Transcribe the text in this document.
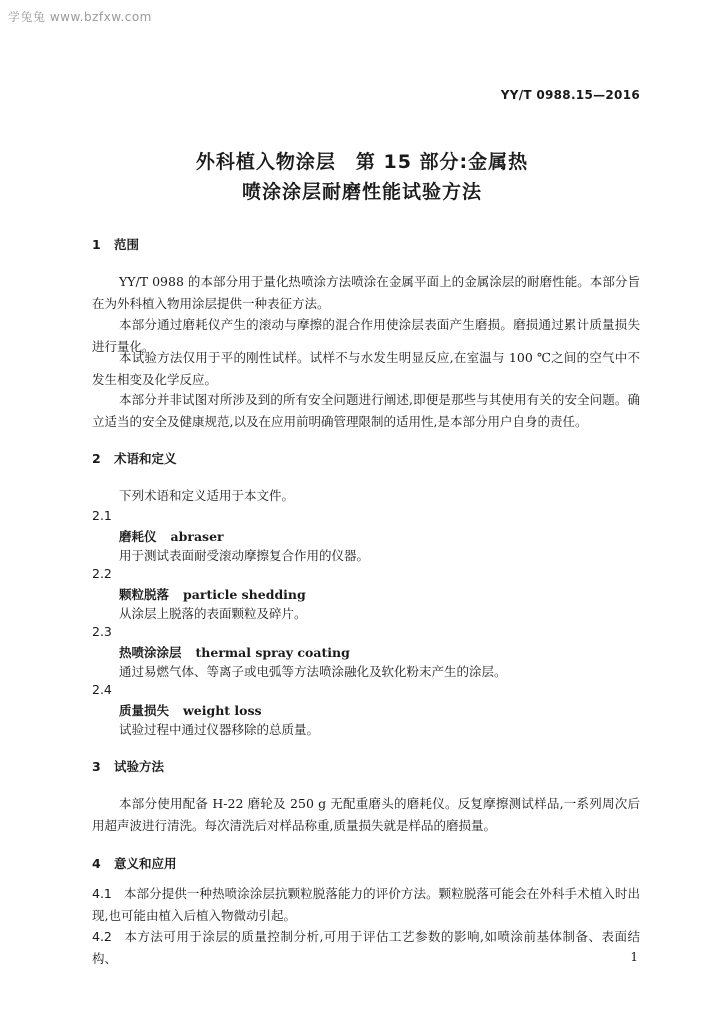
学兔兔 www.bzfxw.com
YY/T 0988.15—2016
外科植入物涂层　第 15 部分:金属热
喷涂涂层耐磨性能试验方法
1 范围
YY/T 0988 的本部分用于量化热喷涂方法喷涂在金属平面上的金属涂层的耐磨性能。本部分旨在为外科植入物用涂层提供一种表征方法。
本部分通过磨耗仪产生的滚动与摩擦的混合作用使涂层表面产生磨损。磨损通过累计质量损失进行量化。
本试验方法仅用于平的刚性试样。试样不与水发生明显反应,在室温与 100 ℃之间的空气中不发生相变及化学反应。
本部分并非试图对所涉及到的所有安全问题进行阐述,即便是那些与其使用有关的安全问题。确立适当的安全及健康规范,以及在应用前明确管理限制的适用性,是本部分用户自身的责任。
2 术语和定义
下列术语和定义适用于本文件。
2.1
磨耗仪 abraser
用于测试表面耐受滚动摩擦复合作用的仪器。
2.2
颗粒脱落 particle shedding
从涂层上脱落的表面颗粒及碎片。
2.3
热喷涂涂层 thermal spray coating
通过易燃气体、等离子或电弧等方法喷涂融化及软化粉末产生的涂层。
2.4
质量损失 weight loss
试验过程中通过仪器移除的总质量。
3 试验方法
本部分使用配备 H-22 磨轮及 250 g 无配重磨头的磨耗仪。反复摩擦测试样品,一系列周次后用超声波进行清洗。每次清洗后对样品称重,质量损失就是样品的磨损量。
4 意义和应用
4.1 本部分提供一种热喷涂涂层抗颗粒脱落能力的评价方法。颗粒脱落可能会在外科手术植入时出现,也可能由植入后植入物微动引起。
4.2 本方法可用于涂层的质量控制分析,可用于评估工艺参数的影响,如喷涂前基体制备、表面结构、	1
